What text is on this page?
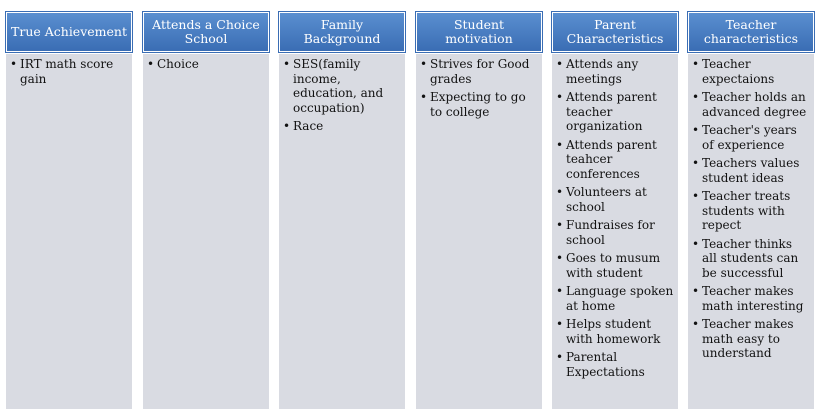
True Achievement
• IRT math score gain
Attends a Choice School
• Choice
Family Background
• SES(family income, education, and occupation)
• Race
Student motivation
• Strives for Good grades
• Expecting to go to college
Parent Characteristics
• Attends any meetings
• Attends parent teacher organization
• Attends parent teahcer conferences
• Volunteers at school
• Fundraises for school
• Goes to musum with student
• Language spoken at home
• Helps student with homework
• Parental Expectations
Teacher characteristics
• Teacher expectaions
• Teacher holds an advanced degree
• Teacher's years of experience
• Teachers values student ideas
• Teacher treats students with repect
• Teacher thinks all students can be successful
• Teacher makes math interesting
• Teacher makes math easy to understand
